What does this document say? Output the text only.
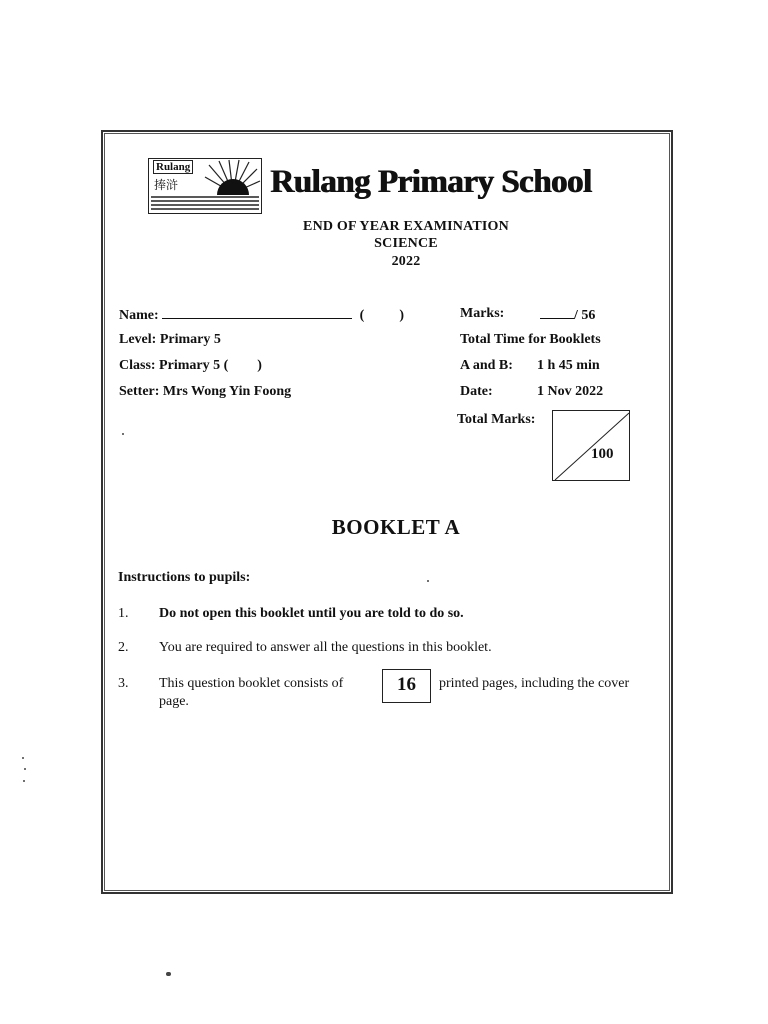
Rulang
捧浒	Rulang Primary School
END OF YEAR EXAMINATION
SCIENCE
2022
Name:	(	)
Level: Primary 5
Class: Primary 5 ( )
Setter: Mrs Wong Yin Foong
Marks:	/ 56
Total Time for Booklets
A and B: 1 h 45 min
Date:	1 Nov 2022
Total Marks:
100
BOOKLET A
Instructions to pupils:
1. Do not open this booklet until you are told to do so.
2. You are required to answer all the questions in this booklet.
3. This question booklet consists of	16	printed pages, including the cover
page.
